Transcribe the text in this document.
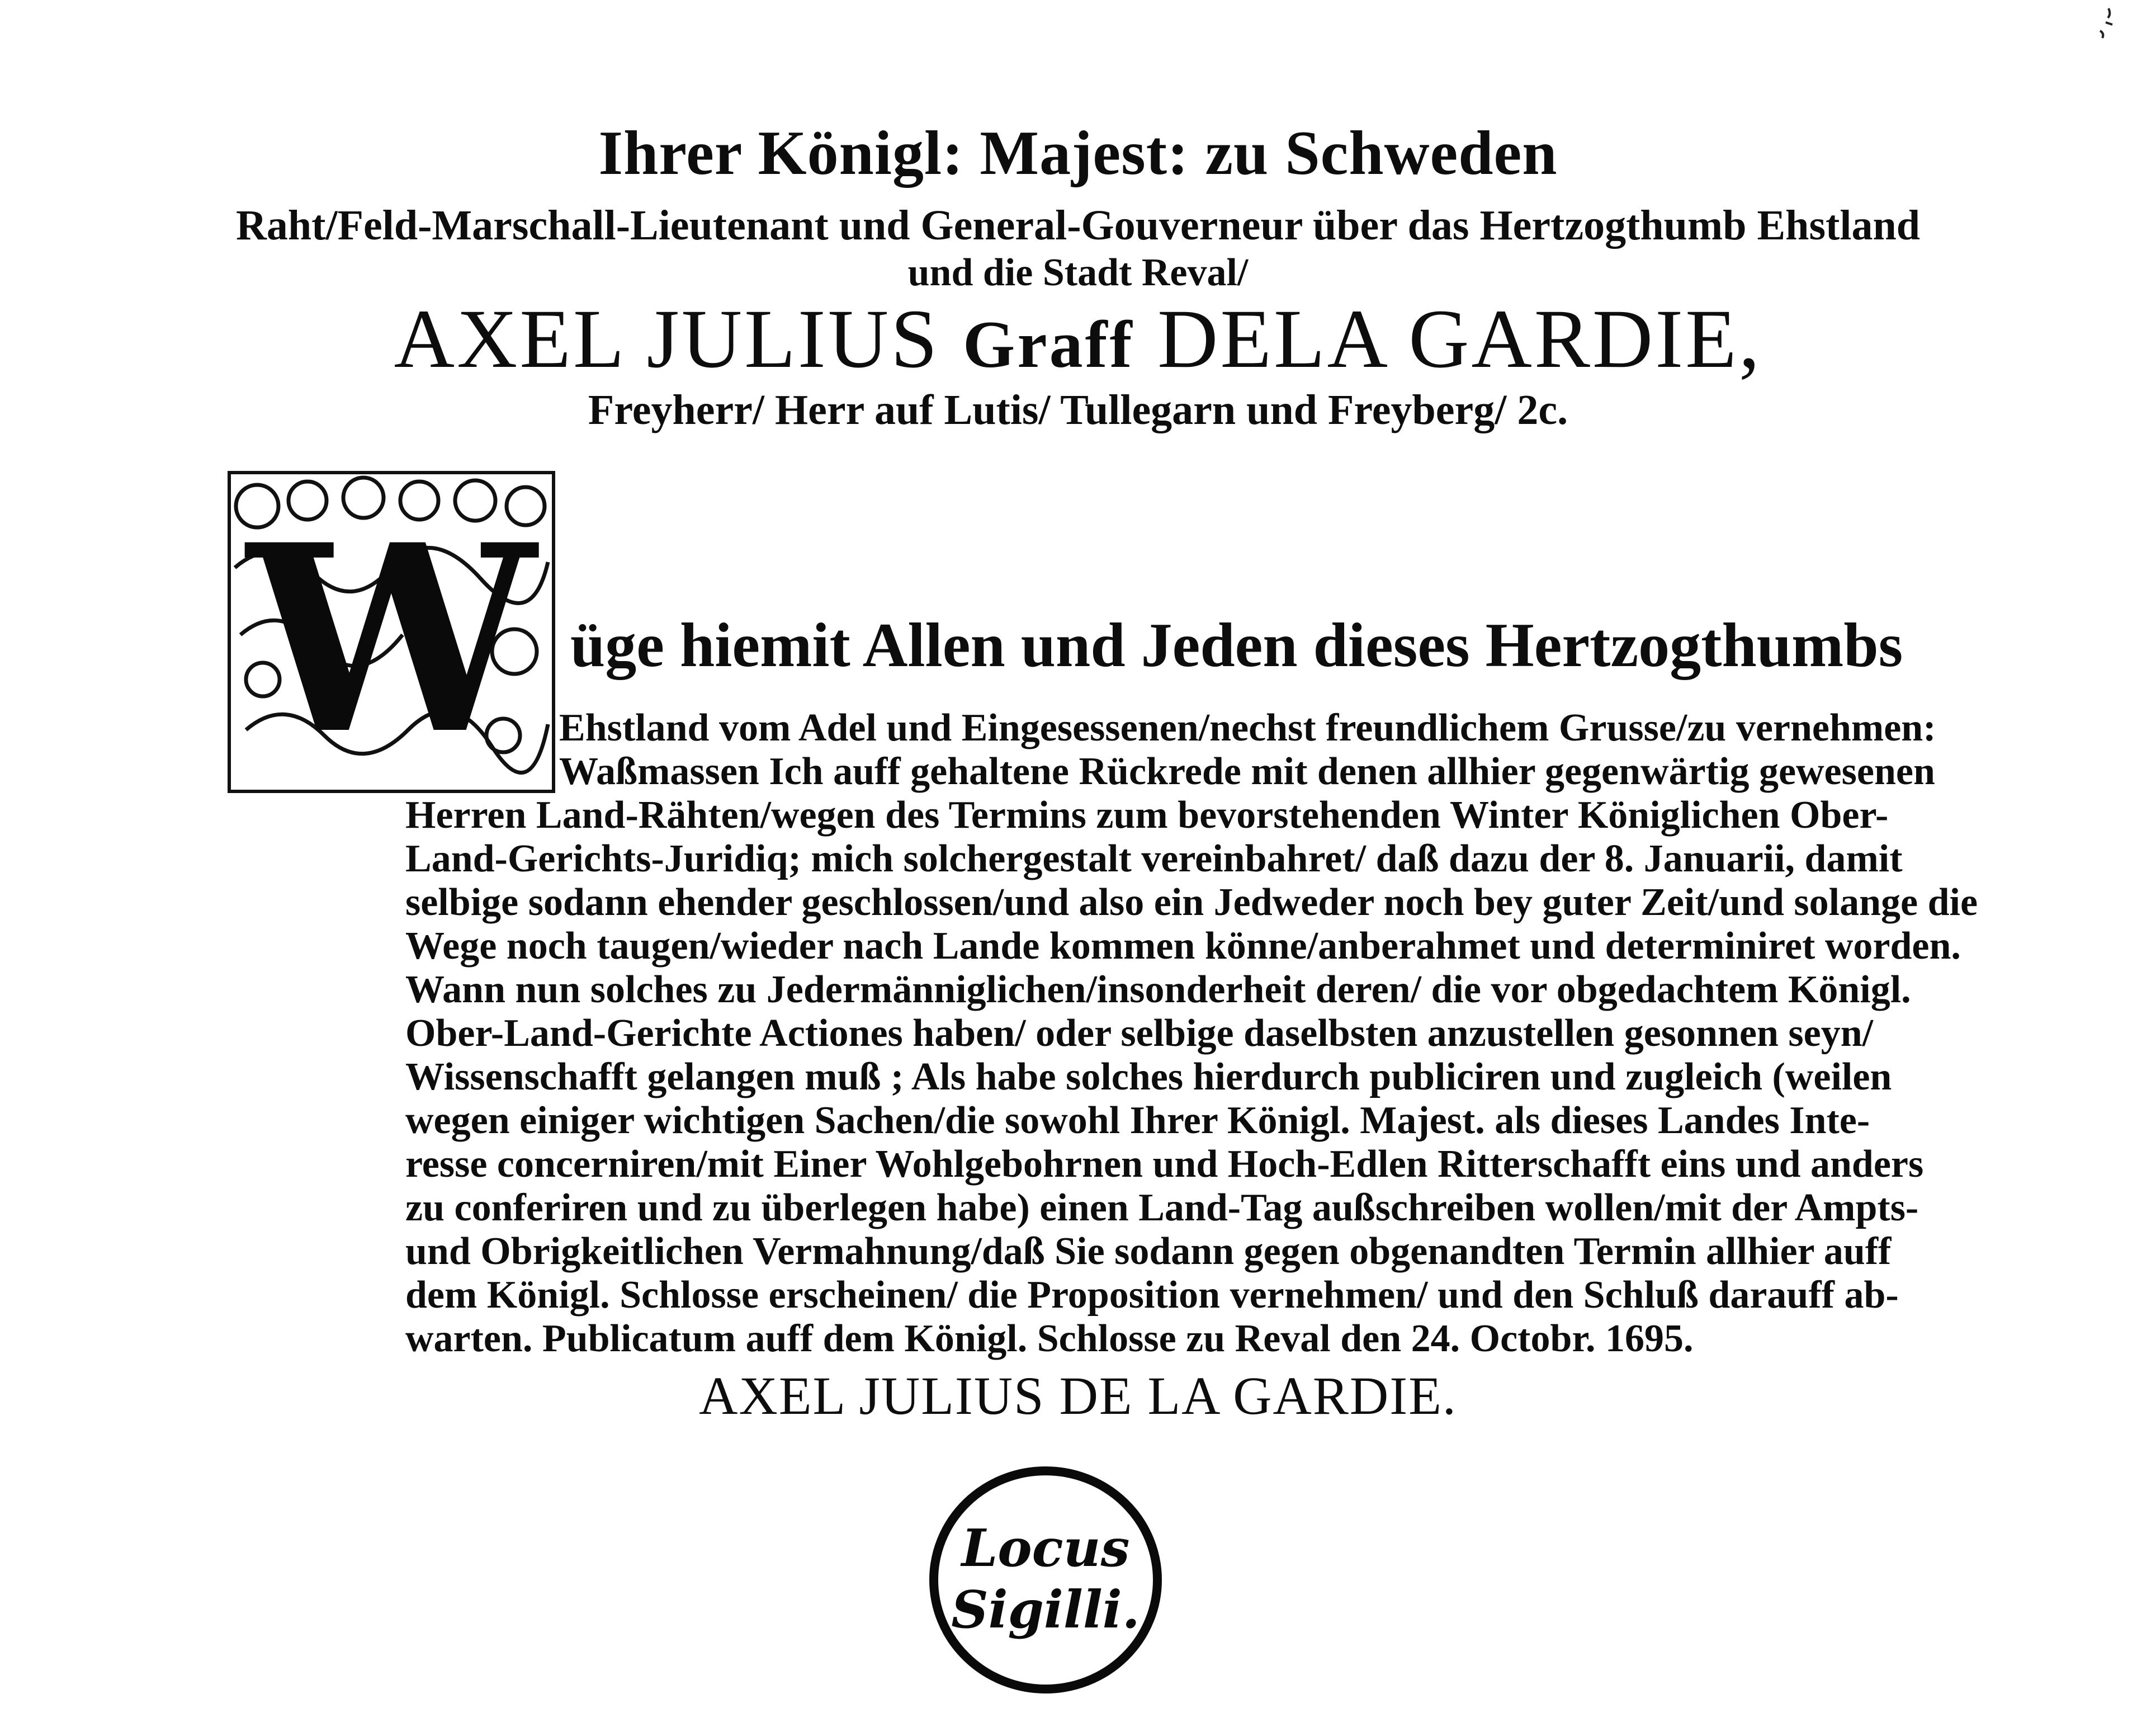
Ihrer Königl: Majest: zu Schweden
Raht/Feld-Marschall-Lieutenant und General-Gouverneur über das Hertzogthumb Ehstland
und die Stadt Reval/
AXEL JULIUS Graff DELA GARDIE,
Freyherr/ Herr auf Lutis/ Tullegarn und Freyberg/ 2c.
W üge hiemit Allen und Jeden dieses Hertzogthumbs
Ehstland vom Adel und Eingesessenen/nechst freundlichem Grusse/zu vernehmen:
Waßmassen Ich auff gehaltene Rückrede mit denen allhier gegenwärtig gewesenen
Herren Land-Rähten/wegen des Termins zum bevorstehenden Winter Königlichen Ober-
Land-Gerichts-Juridiq; mich solchergestalt vereinbahret/ daß dazu der 8. Januarii, damit
selbige sodann ehender geschlossen/und also ein Jedweder noch bey guter Zeit/und solange die
Wege noch taugen/wieder nach Lande kommen könne/anberahmet und determiniret worden.
Wann nun solches zu Jedermänniglichen/insonderheit deren/ die vor obgedachtem Königl.
Ober-Land-Gerichte Actiones haben/ oder selbige daselbsten anzustellen gesonnen seyn/
Wissenschafft gelangen muß ; Als habe solches hierdurch publiciren und zugleich (weilen
wegen einiger wichtigen Sachen/die sowohl Ihrer Königl. Majest. als dieses Landes Inte-
resse concerniren/mit Einer Wohlgebohrnen und Hoch-Edlen Ritterschafft eins und anders
zu conferiren und zu überlegen habe) einen Land-Tag außschreiben wollen/mit der Ampts-
und Obrigkeitlichen Vermahnung/daß Sie sodann gegen obgenandten Termin allhier auff
dem Königl. Schlosse erscheinen/ die Proposition vernehmen/ und den Schluß darauff ab-
warten. Publicatum auff dem Königl. Schlosse zu Reval den 24. Octobr. 1695.
AXEL JULIUS DE LA GARDIE.
Locus
Sigilli.
